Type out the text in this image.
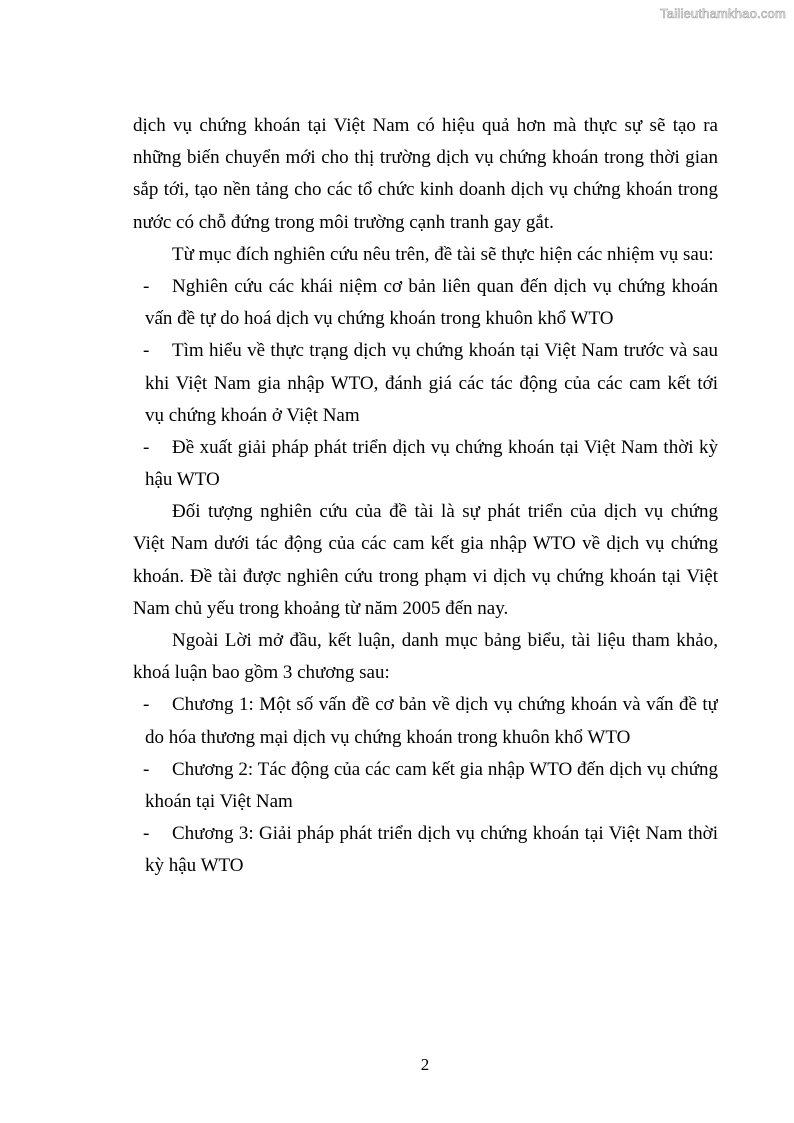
Tailieuthamkhao.com
dịch vụ chứng khoán tại Việt Nam có hiệu quả hơn mà thực sự sẽ tạo ra
những biến chuyển mới cho thị trường dịch vụ chứng khoán trong thời gian
sắp tới, tạo nền tảng cho các tổ chức kinh doanh dịch vụ chứng khoán trong
nước có chỗ đứng trong môi trường cạnh tranh gay gắt.
Từ mục đích nghiên cứu nêu trên, đề tài sẽ thực hiện các nhiệm vụ sau:
- Nghiên cứu các khái niệm cơ bản liên quan đến dịch vụ chứng khoán
vấn đề tự do hoá dịch vụ chứng khoán trong khuôn khổ WTO
- Tìm hiểu về thực trạng dịch vụ chứng khoán tại Việt Nam trước và sau
khi Việt Nam gia nhập WTO, đánh giá các tác động của các cam kết tới
vụ chứng khoán ở Việt Nam
- Đề xuất giải pháp phát triển dịch vụ chứng khoán tại Việt Nam thời kỳ
hậu WTO
Đối tượng nghiên cứu của đề tài là sự phát triển của dịch vụ chứng
Việt Nam dưới tác động của các cam kết gia nhập WTO về dịch vụ chứng
khoán. Đề tài được nghiên cứu trong phạm vi dịch vụ chứng khoán tại Việt
Nam chủ yếu trong khoảng từ năm 2005 đến nay.
Ngoài Lời mở đầu, kết luận, danh mục bảng biểu, tài liệu tham khảo,
khoá luận bao gồm 3 chương sau:
- Chương 1: Một số vấn đề cơ bản về dịch vụ chứng khoán và vấn đề tự
do hóa thương mại dịch vụ chứng khoán trong khuôn khổ WTO
- Chương 2: Tác động của các cam kết gia nhập WTO đến dịch vụ chứng
khoán tại Việt Nam
- Chương 3: Giải pháp phát triển dịch vụ chứng khoán tại Việt Nam thời
kỳ hậu WTO
2
